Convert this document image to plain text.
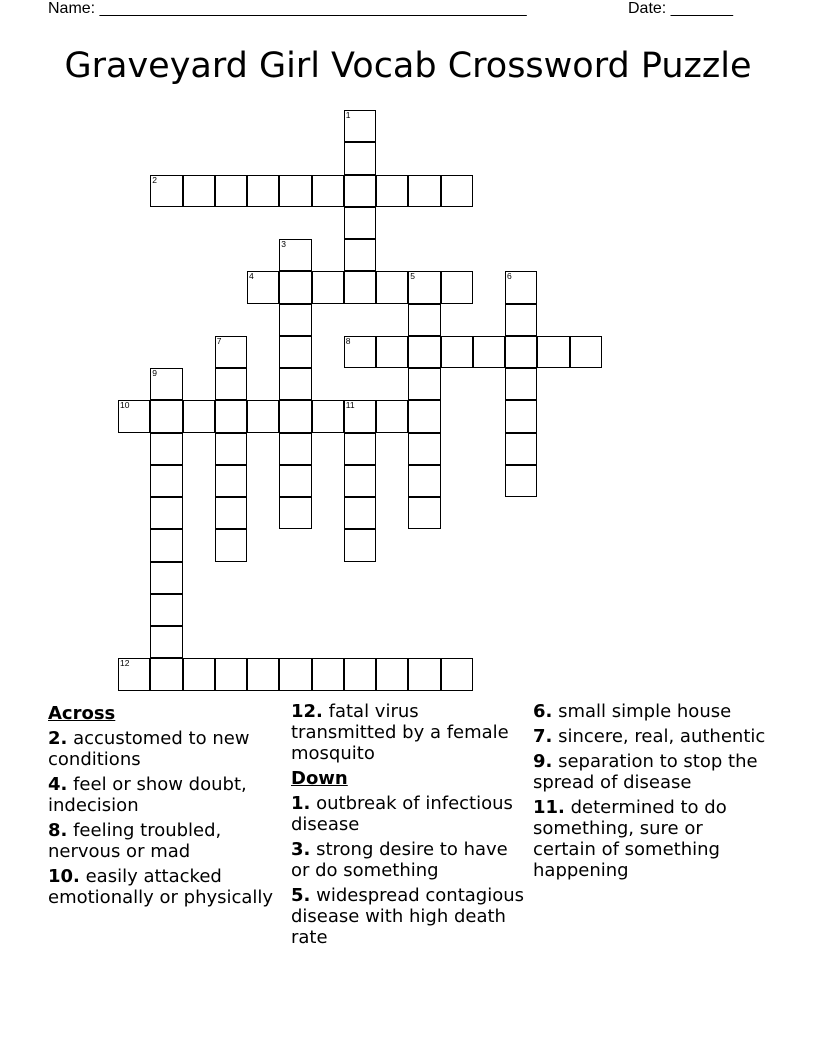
Name: ________________________________________________	Date: _______
Graveyard Girl Vocab Crossword Puzzle
1
2
3
4	5	6
7	8
9
10	11
12
Across
2. accustomed to new conditions
4. feel or show doubt, indecision
8. feeling troubled, nervous or mad
10. easily attacked emotionally or physically
12. fatal virus transmitted by a female mosquito
Down
1. outbreak of infectious disease
3. strong desire to have or do something
5. widespread contagious disease with high death rate
6. small simple house
7. sincere, real, authentic
9. separation to stop the spread of disease
11. determined to do something, sure or certain of something happening
